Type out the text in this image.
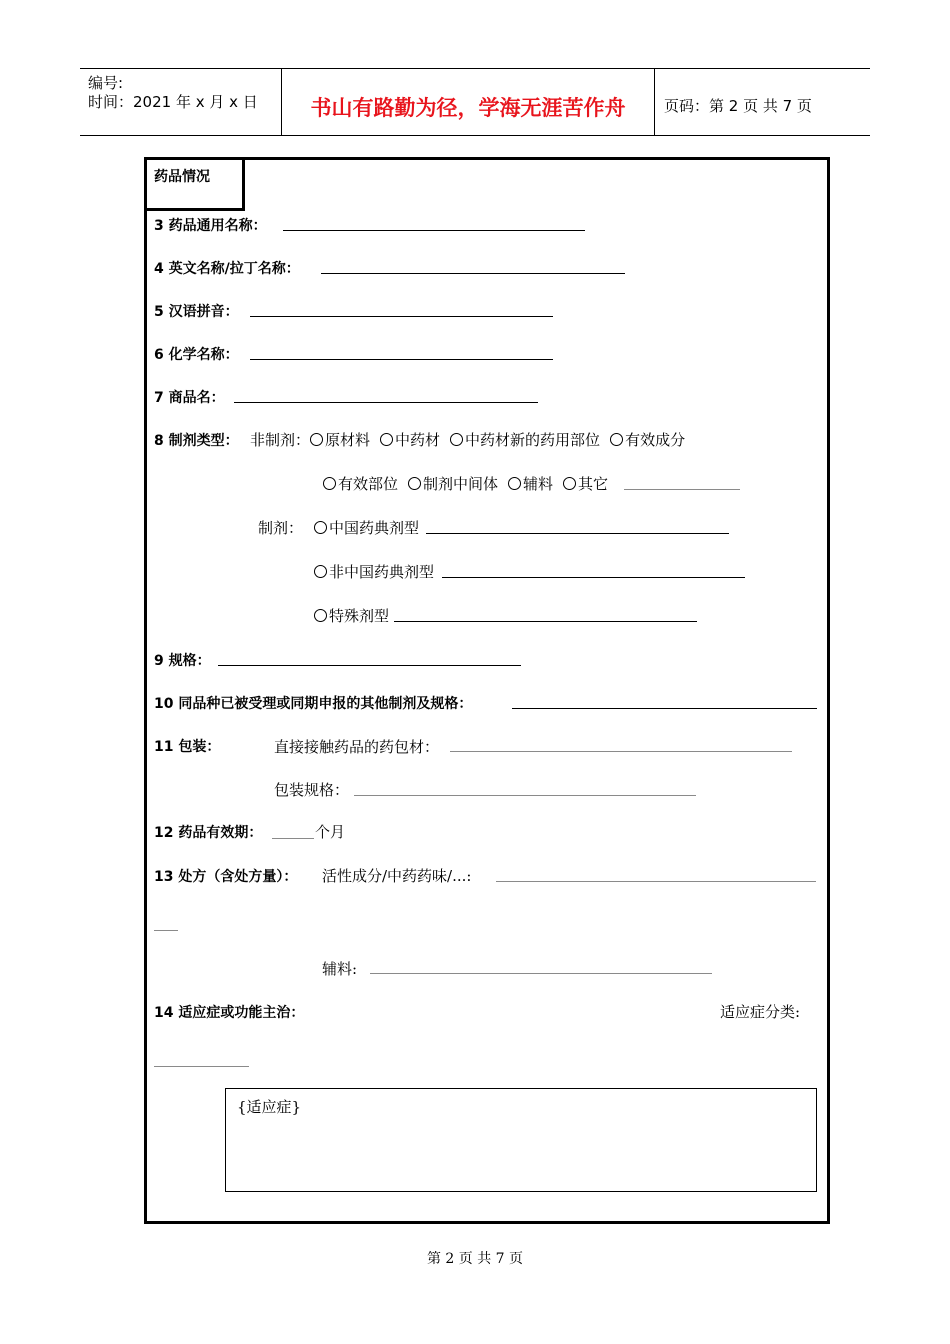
编号:
时间：2021 年 x 月 x 日	书山有路勤为径，学海无涯苦作舟	页码：第 2 页 共 7 页
药品情况
3 药品通用名称：
4 英文名称/拉丁名称：
5 汉语拼音：
6 化学名称：
7 商品名：
8 制剂类型： 非制剂： 原材料 中药材 中药材新的药用部位 有效成分
有效部位 制剂中间体 辅料 其它
制剂：	中国药典剂型
非中国药典剂型
特殊剂型
9 规格：
10 同品种已被受理或同期申报的其他制剂及规格：
11 包装：	直接接触药品的药包材：
包装规格：
12 药品有效期：	个月
13 处方（含处方量）： 活性成分/中药药味/...:
辅料:
14 适应症或功能主治：	适应症分类:
{适应症}
第 2 页 共 7 页
